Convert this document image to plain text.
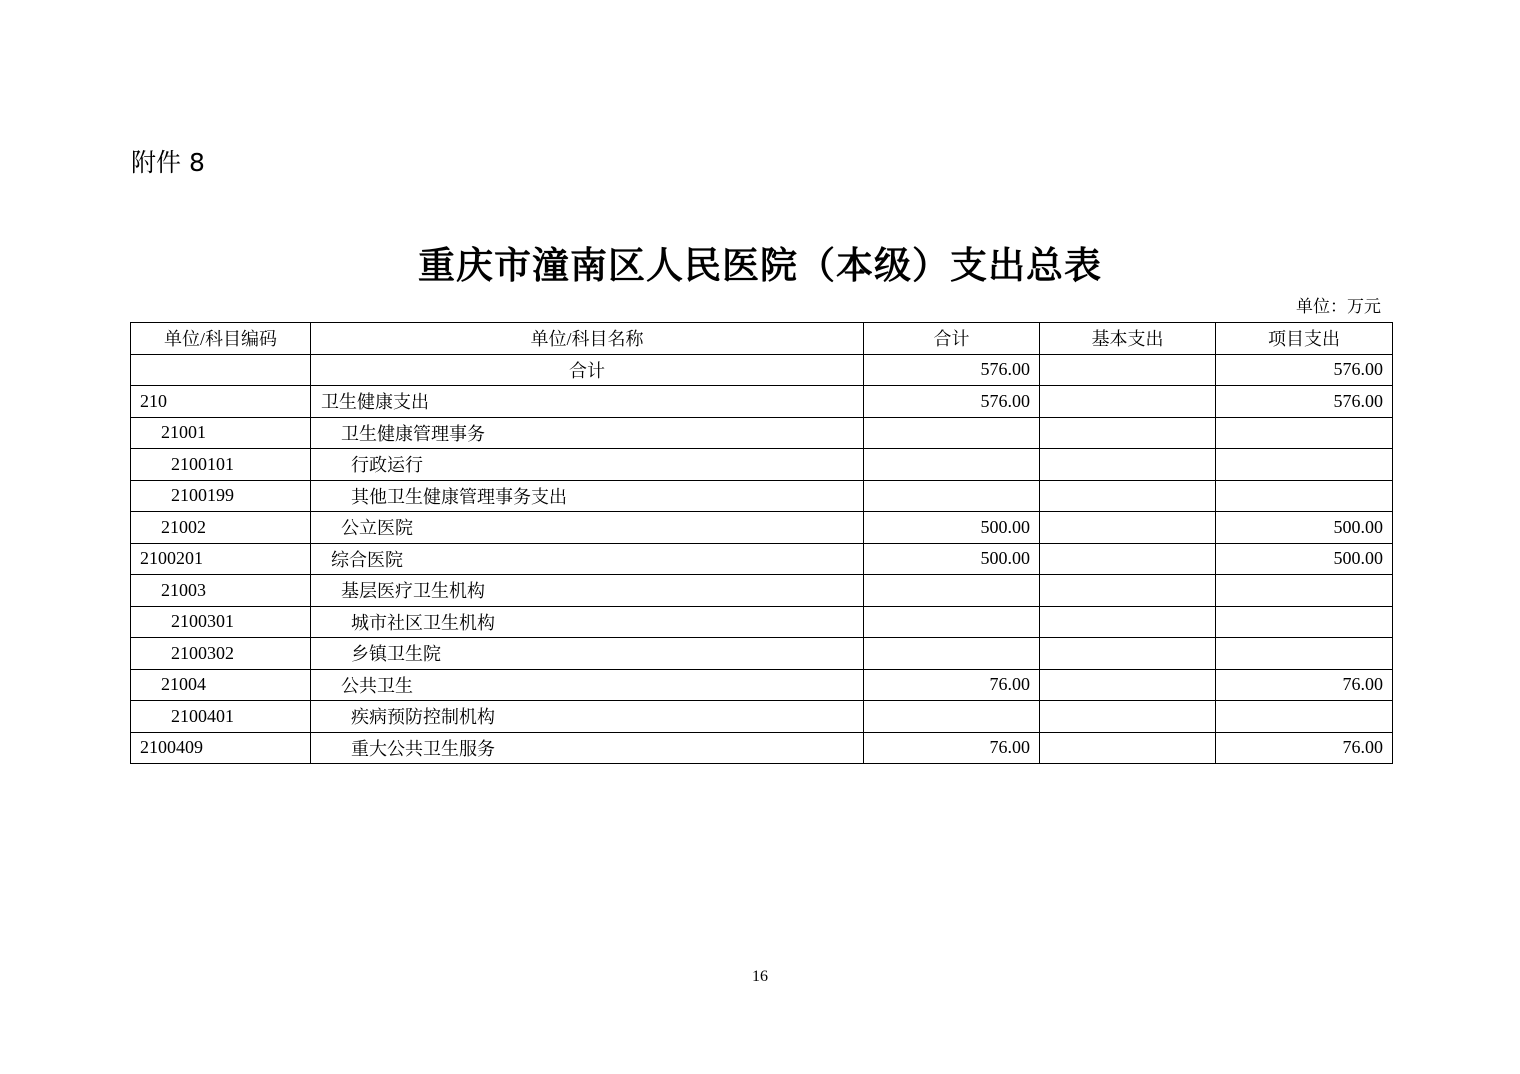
附件 8
重庆市潼南区人民医院（本级）支出总表
单位：万元
单位/科目编码	单位/科目名称	合计	基本支出	项目支出
	合计	576.00		576.00
210	卫生健康支出	576.00		576.00
21001	卫生健康管理事务			
2100101	行政运行			
2100199	其他卫生健康管理事务支出			
21002	公立医院	500.00		500.00
2100201	综合医院	500.00		500.00
21003	基层医疗卫生机构			
2100301	城市社区卫生机构			
2100302	乡镇卫生院			
21004	公共卫生	76.00		76.00
2100401	疾病预防控制机构			
2100409	重大公共卫生服务	76.00		76.00
16
